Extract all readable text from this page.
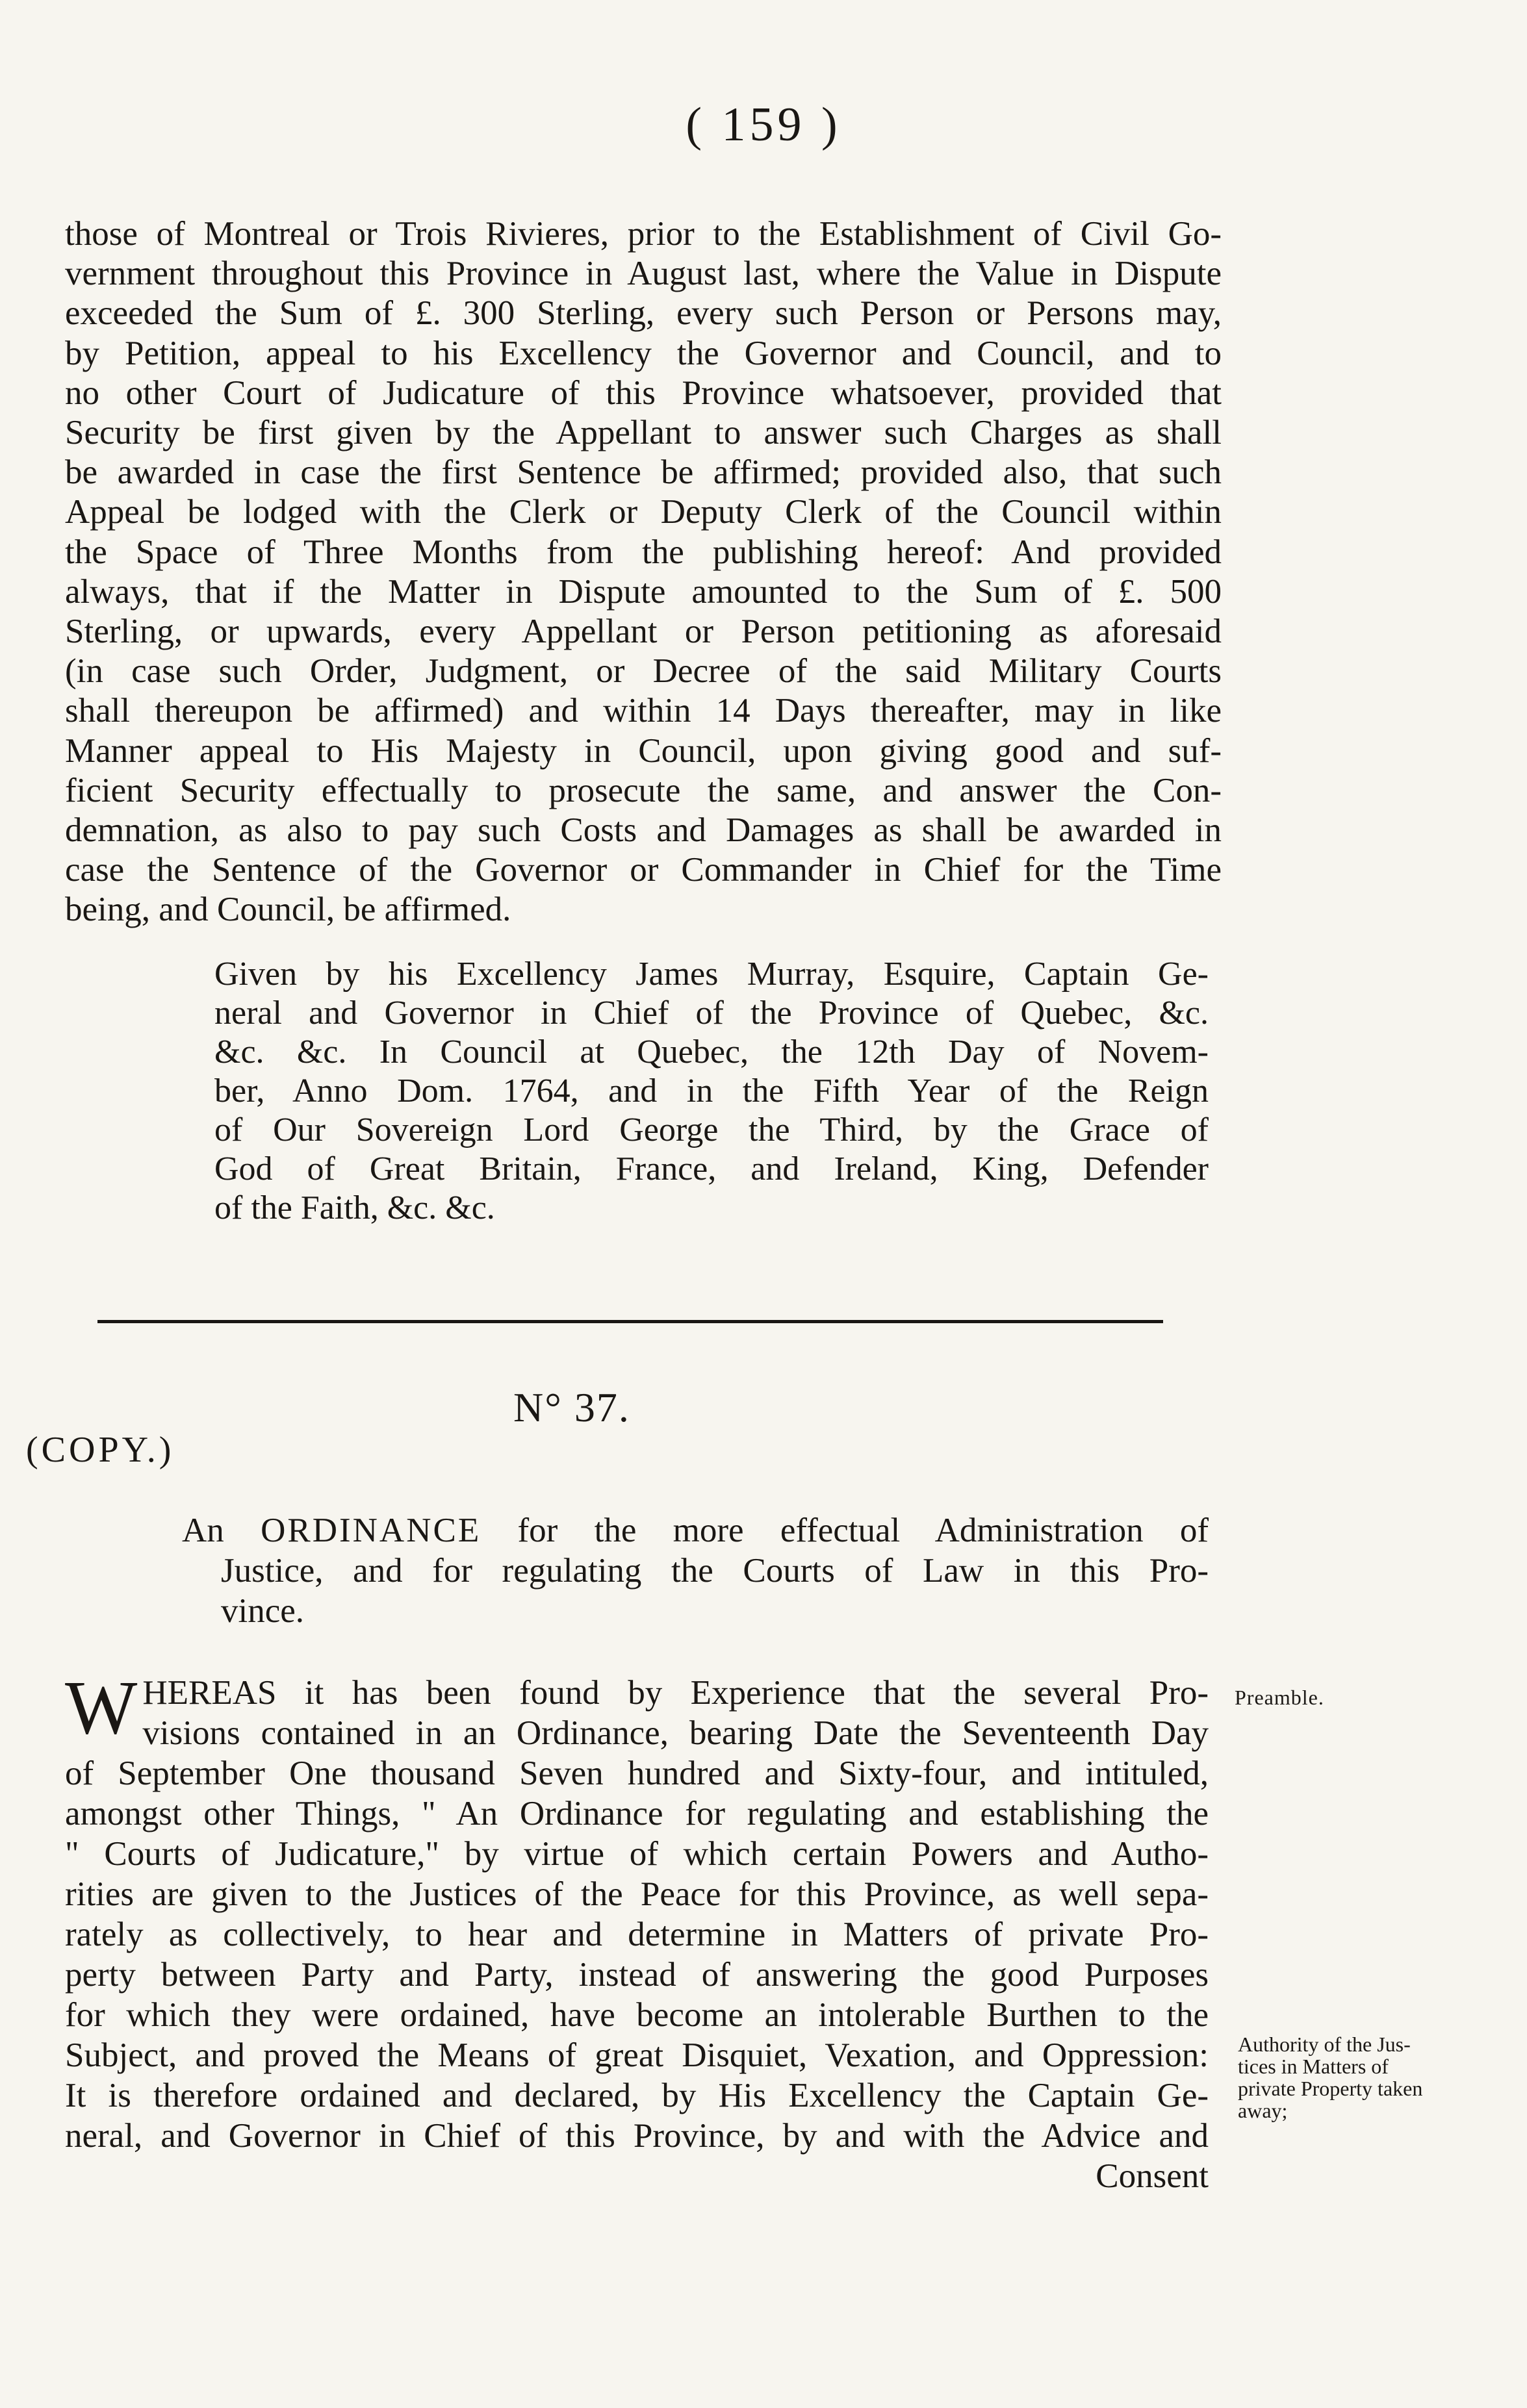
( 159 )
those of Montreal or Trois Rivieres, prior to the Establishment of Civil Go-
vernment throughout this Province in August last, where the Value in Dispute
exceeded the Sum of £. 300 Sterling, every such Person or Persons may,
by Petition, appeal to his Excellency the Governor and Council, and to
no other Court of Judicature of this Province whatsoever, provided that
Security be first given by the Appellant to answer such Charges as shall
be awarded in case the first Sentence be affirmed; provided also, that such
Appeal be lodged with the Clerk or Deputy Clerk of the Council within
the Space of Three Months from the publishing hereof: And provided
always, that if the Matter in Dispute amounted to the Sum of £. 500
Sterling, or upwards, every Appellant or Person petitioning as aforesaid
(in case such Order, Judgment, or Decree of the said Military Courts
shall thereupon be affirmed) and within 14 Days thereafter, may in like
Manner appeal to His Majesty in Council, upon giving good and suf-
ficient Security effectually to prosecute the same, and answer the Con-
demnation, as also to pay such Costs and Damages as shall be awarded in
case the Sentence of the Governor or Commander in Chief for the Time
being, and Council, be affirmed.
Given by his Excellency James Murray, Esquire, Captain Ge-
neral and Governor in Chief of the Province of Quebec, &c.
&c. &c. In Council at Quebec, the 12th Day of Novem-
ber, Anno Dom. 1764, and in the Fifth Year of the Reign
of Our Sovereign Lord George the Third, by the Grace of
God of Great Britain, France, and Ireland, King, Defender
of the Faith, &c. &c.
N° 37.
(COPY.)
An ORDINANCE for the more effectual Administration of
Justice, and for regulating the Courts of Law in this Pro-
vince.
W HEREAS it has been found by Experience that the several Pro-
visions contained in an Ordinance, bearing Date the Seventeenth Day
of September One thousand Seven hundred and Sixty-four, and intituled,
amongst other Things, " An Ordinance for regulating and establishing the
" Courts of Judicature," by virtue of which certain Powers and Autho-
rities are given to the Justices of the Peace for this Province, as well sepa-
rately as collectively, to hear and determine in Matters of private Pro-
perty between Party and Party, instead of answering the good Purposes
for which they were ordained, have become an intolerable Burthen to the
Subject, and proved the Means of great Disquiet, Vexation, and Oppression:
It is therefore ordained and declared, by His Excellency the Captain Ge-
neral, and Governor in Chief of this Province, by and with the Advice and
Consent
Preamble.
Authority of the Jus-
tices in Matters of
private Property taken
away;
